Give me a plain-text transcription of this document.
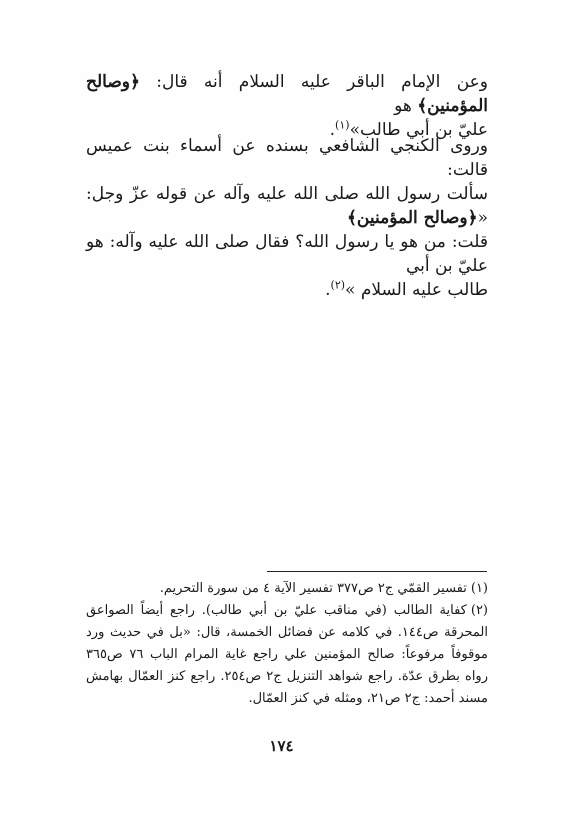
وعن الإمام الباقر عليه السلام أنه قال: ﴿وصالح المؤمنين﴾ هو
عليّ بن أبي طالب»$^{(١)}$.

وروى الكنجي الشافعي بسنده عن أسماء بنت عميس قالت:
سألت رسول الله صلى الله عليه وآله عن قوله عزّ وجل: «﴿وصالح المؤمنين﴾
قلت: من هو يا رسول الله؟ فقال صلى الله عليه وآله: هو عليّ بن أبي
طالب عليه السلام »$^{(٢)}$.

(١)تفسير القمّي ج٢ ص٣٧٧ تفسير الآية ٤ من سورة التحريم.

(٢)كفاية الطالب (في مناقب عليّ بن أبي طالب). راجع أيضاً الصواعق المحرقة ص١٤٤. في كلامه عن فضائل الخمسة، قال: «بل في حديث ورد موقوفاً مرفوعاً: صالح المؤمنين علي راجع غاية المرام الباب ٧٦ ص٣٦٥ رواه بطرق عدّة. راجع شواهد التنزيل ج٢ ص٢٥٤. راجع كنز العمّال بهامش مسند أحمد: ج٢ ص٢١، ومثله في كنز العمّال.

١٧٤
